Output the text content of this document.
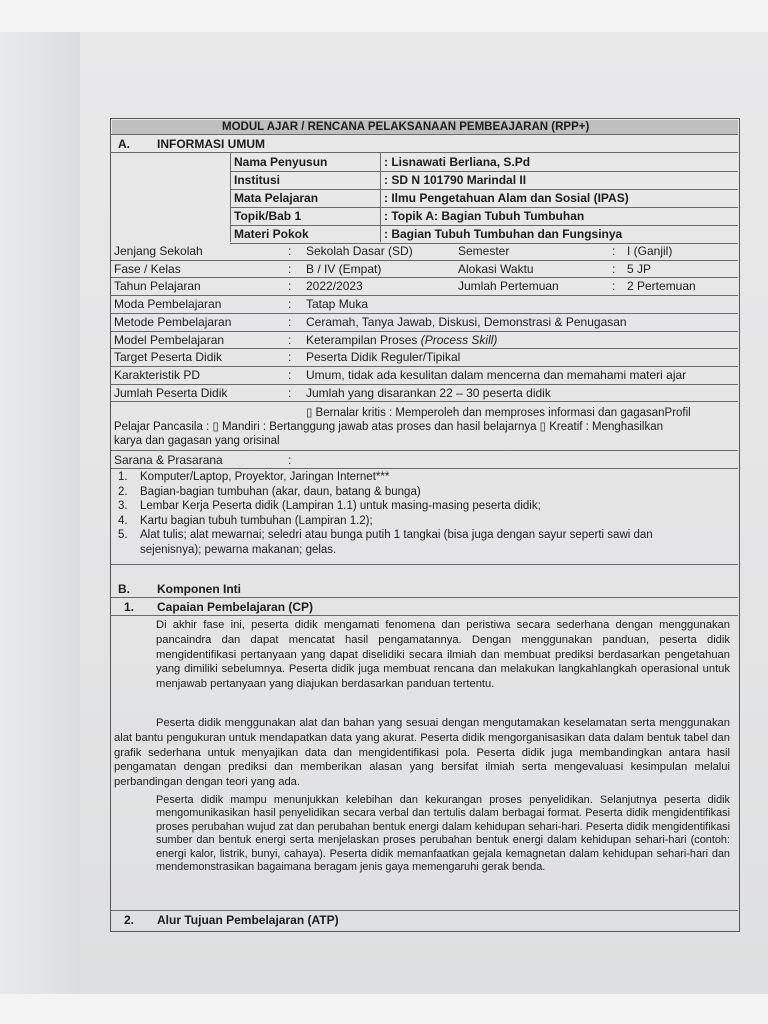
MODUL AJAR / RENCANA PELAKSANAAN PEMBEAJARAN (RPP+)
A. INFORMASI UMUM
Nama Penyusun	: Lisnawati Berliana, S.Pd
Institusi	: SD N 101790 Marindal II
Mata Pelajaran	: Ilmu Pengetahuan Alam dan Sosial (IPAS)
Topik/Bab 1	: Topik A: Bagian Tubuh Tumbuhan
Materi Pokok	: Bagian Tubuh Tumbuhan dan Fungsinya
Jenjang Sekolah	: Sekolah Dasar (SD)	Semester	: I (Ganjil)
Fase / Kelas	: B / IV (Empat)	Alokasi Waktu	: 5 JP
Tahun Pelajaran	: 2022/2023	Jumlah Pertemuan	: 2 Pertemuan
Moda Pembelajaran	: Tatap Muka
Metode Pembelajaran	: Ceramah, Tanya Jawab, Diskusi, Demonstrasi & Penugasan
Model Pembelajaran	: Keterampilan Proses (Process Skill)
Target Peserta Didik	: Peserta Didik Reguler/Tipikal
Karakteristik PD	: Umum, tidak ada kesulitan dalam mencerna dan memahami materi ajar
Jumlah Peserta Didik	: Jumlah yang disarankan 22 – 30 peserta didik
▯ Bernalar kritis : Memperoleh dan memproses informasi dan gagasanProfil
Pelajar Pancasila : ▯ Mandiri : Bertanggung jawab atas proses dan hasil belajarnya ▯ Kreatif : Menghasilkan
karya dan gagasan yang orisinal
Sarana & Prasarana	:
1. Komputer/Laptop, Proyektor, Jaringan Internet***
2. Bagian-bagian tumbuhan (akar, daun, batang & bunga)
3. Lembar Kerja Peserta didik (Lampiran 1.1) untuk masing-masing peserta didik;
4. Kartu bagian tubuh tumbuhan (Lampiran 1.2);
5. Alat tulis; alat mewarnai; seledri atau bunga putih 1 tangkai (bisa juga dengan sayur seperti sawi dan sejenisnya); pewarna makanan; gelas.
B. Komponen Inti
1. Capaian Pembelajaran (CP)
Di akhir fase ini, peserta didik mengamati fenomena dan peristiwa secara sederhana dengan menggunakan pancaindra dan dapat mencatat hasil pengamatannya. Dengan menggunakan panduan, peserta didik mengidentifikasi pertanyaan yang dapat diselidiki secara ilmiah dan membuat prediksi berdasarkan pengetahuan yang dimiliki sebelumnya. Peserta didik juga membuat rencana dan melakukan langkahlangkah operasional untuk menjawab pertanyaan yang diajukan berdasarkan panduan tertentu.
Peserta didik menggunakan alat dan bahan yang sesuai dengan mengutamakan keselamatan serta menggunakan alat bantu pengukuran untuk mendapatkan data yang akurat. Peserta didik mengorganisasikan data dalam bentuk tabel dan grafik sederhana untuk menyajikan data dan mengidentifikasi pola. Peserta didik juga membandingkan antara hasil pengamatan dengan prediksi dan memberikan alasan yang bersifat ilmiah serta mengevaluasi kesimpulan melalui perbandingan dengan teori yang ada.
Peserta didik mampu menunjukkan kelebihan dan kekurangan proses penyelidikan. Selanjutnya peserta didik mengomunikasikan hasil penyelidikan secara verbal dan tertulis dalam berbagai format. Peserta didik mengidentifikasi proses perubahan wujud zat dan perubahan bentuk energi dalam kehidupan sehari-hari. Peserta didik mengidentifikasi sumber dan bentuk energi serta menjelaskan proses perubahan bentuk energi dalam kehidupan sehari-hari (contoh: energi kalor, listrik, bunyi, cahaya). Peserta didik memanfaatkan gejala kemagnetan dalam kehidupan sehari-hari dan mendemonstrasikan bagaimana beragam jenis gaya memengaruhi gerak benda.
2. Alur Tujuan Pembelajaran (ATP)
